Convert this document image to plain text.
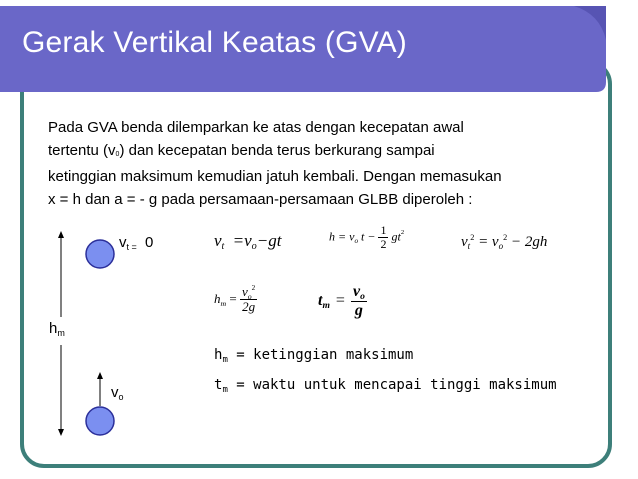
Gerak Vertikal Keatas (GVA)

Pada GVA benda dilemparkan ke atas dengan kecepatan awal

tertentu (v0) dan kecepatan benda terus berkurang sampai

ketinggian maksimum kemudian jatuh kembali. Dengan memasukan

x = h dan a = - g pada persamaan-persamaan GLBB diperoleh :

$v_{t =}$ 0
$h_m$
$v_o$
vt =vo−gt	$h = v_o$ $t - \frac{1}{2} gt^2$
$v_t^2 = v_o^2 - 2gh$
$h_m = \frac{v_o^2}{2g}$	tm = $\frac{vo}{g}$
$h_m$ = ketinggian maksimum
$t_m$ = waktu untuk mencapai tinggi maksimum
